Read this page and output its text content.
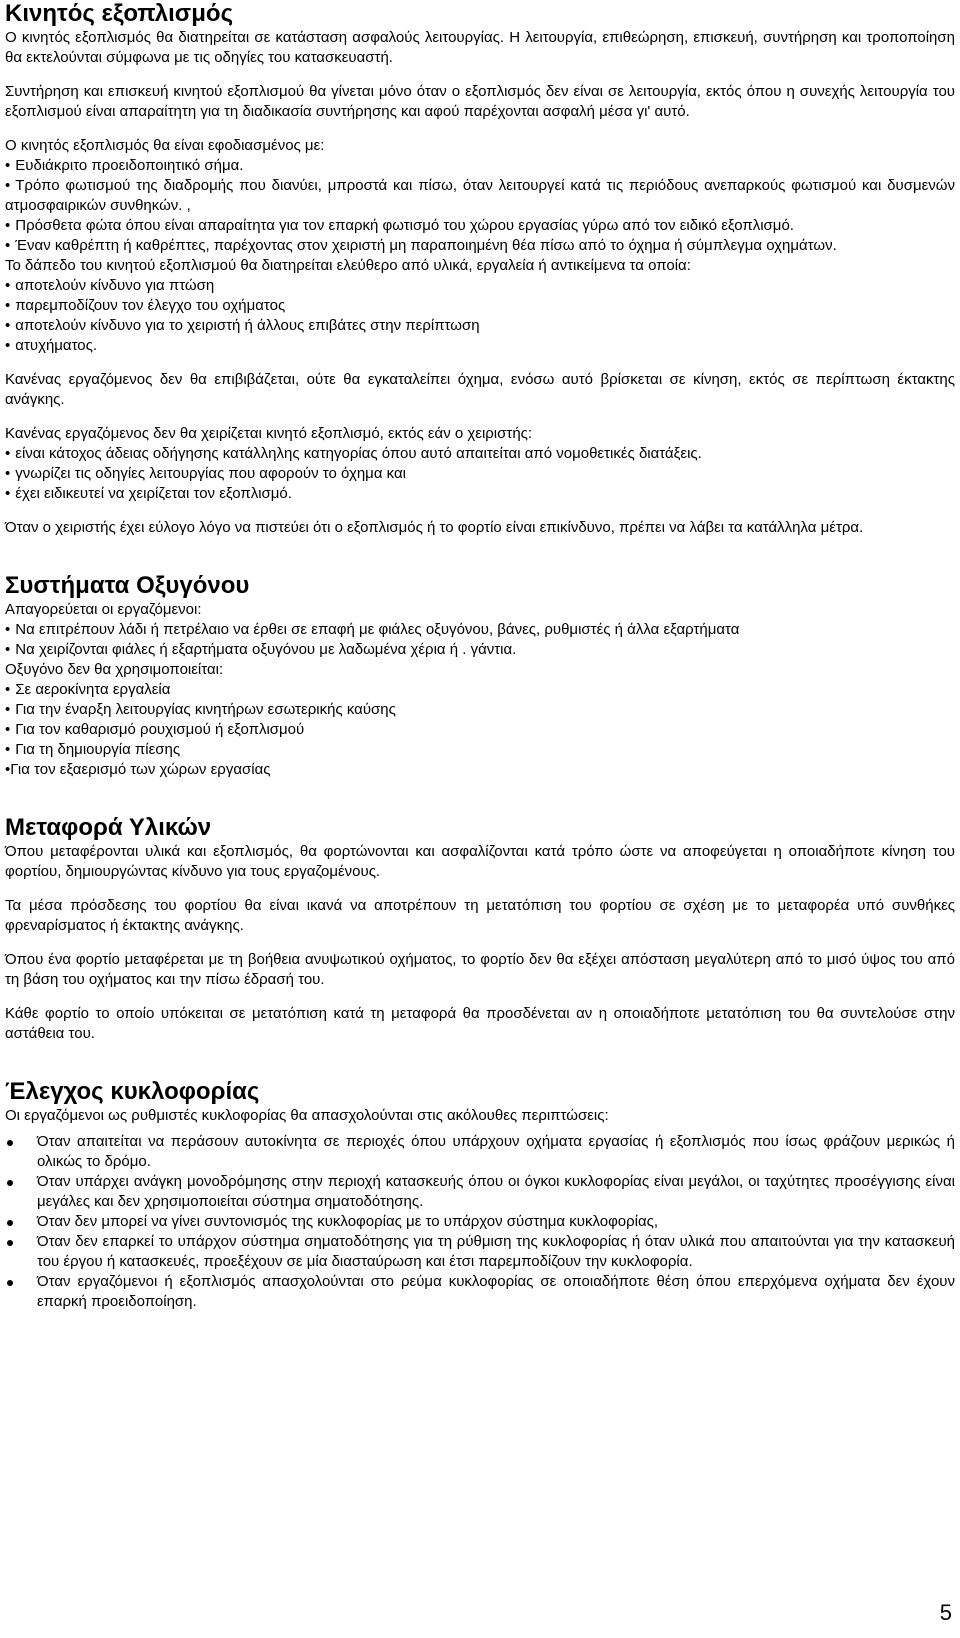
Κινητός εξοπλισμός

Ο κινητός εξοπλισμός θα διατηρείται σε κατάσταση ασφαλούς λειτουργίας. Η λειτουργία, επιθεώρηση, επισκευή, συντήρηση και τροποποίηση θα εκτελούνται σύμφωνα με τις οδηγίες του κατασκευαστή.

Συντήρηση και επισκευή κινητού εξοπλισμού θα γίνεται μόνο όταν ο εξοπλισμός δεν είναι σε λειτουργία, εκτός όπου η συνεχής λειτουργία του εξοπλισμού είναι απαραίτητη για τη διαδικασία συντήρησης και αφού παρέχονται ασφαλή μέσα γι' αυτό.

Ο κινητός εξοπλισμός θα είναι εφοδιασμένος με:

• Ευδιάκριτο προειδοποιητικό σήμα.
• Τρόπο φωτισμού της διαδρομής που διανύει, μπροστά και πίσω, όταν λειτουργεί κατά τις περιόδους ανεπαρκούς φωτισμού και δυσμενών ατμοσφαιρικών συνθηκών. ,
• Πρόσθετα φώτα όπου είναι απαραίτητα για τον επαρκή φωτισμό του χώρου εργασίας γύρω από τον ειδικό εξοπλισμό.
• Έναν καθρέπτη ή καθρέπτες, παρέχοντας στον χειριστή μη παραποιημένη θέα πίσω από το όχημα ή σύμπλεγμα οχημάτων.

Το δάπεδο του κινητού εξοπλισμού θα διατηρείται ελεύθερο από υλικά, εργαλεία ή αντικείμενα τα οποία:

• αποτελούν κίνδυνο για πτώση
• παρεμποδίζουν τον έλεγχο του οχήματος
• αποτελούν κίνδυνο για το χειριστή ή άλλους επιβάτες στην περίπτωση
• ατυχήματος.

Κανένας εργαζόμενος δεν θα επιβιβάζεται, ούτε θα εγκαταλείπει όχημα, ενόσω αυτό βρίσκεται σε κίνηση, εκτός σε περίπτωση έκτακτης ανάγκης.

Κανένας εργαζόμενος δεν θα χειρίζεται κινητό εξοπλισμό, εκτός εάν ο χειριστής:

• είναι κάτοχος άδειας οδήγησης κατάλληλης κατηγορίας όπου αυτό απαιτείται από νομοθετικές διατάξεις.
• γνωρίζει τις οδηγίες λειτουργίας που αφορούν το όχημα και
• έχει ειδικευτεί να χειρίζεται τον εξοπλισμό.

Όταν ο χειριστής έχει εύλογο λόγο να πιστεύει ότι ο εξοπλισμός ή το φορτίο είναι επικίνδυνο, πρέπει να λάβει τα κατάλληλα μέτρα.

Συστήματα Οξυγόνου

Απαγορεύεται οι εργαζόμενοι:

• Να επιτρέπουν λάδι ή πετρέλαιο να έρθει σε επαφή με φιάλες οξυγόνου, βάνες, ρυθμιστές ή άλλα εξαρτήματα
• Να χειρίζονται φιάλες ή εξαρτήματα οξυγόνου με λαδωμένα χέρια ή . γάντια.

Οξυγόνο δεν θα χρησιμοποιείται:

• Σε αεροκίνητα εργαλεία
• Για την έναρξη λειτουργίας κινητήρων εσωτερικής καύσης
• Για τον καθαρισμό ρουχισμού ή εξοπλισμού
• Για τη δημιουργία πίεσης
•Για τον εξαερισμό των χώρων εργασίας
Μεταφορά Υλικών

Όπου μεταφέρονται υλικά και εξοπλισμός, θα φορτώνονται και ασφαλίζονται κατά τρόπο ώστε να αποφεύγεται η οποιαδήποτε κίνηση του φορτίου, δημιουργώντας κίνδυνο για τους εργαζομένους.

Τα μέσα πρόσδεσης του φορτίου θα είναι ικανά να αποτρέπουν τη μετατόπιση του φορτίου σε σχέση με το μεταφορέα υπό συνθήκες φρεναρίσματος ή έκτακτης ανάγκης.

Όπου ένα φορτίο μεταφέρεται με τη βοήθεια ανυψωτικού οχήματος, το φορτίο δεν θα εξέχει απόσταση μεγαλύτερη από το μισό ύψος του από τη βάση του οχήματος και την πίσω έδρασή του.

Κάθε φορτίο το οποίο υπόκειται σε μετατόπιση κατά τη μεταφορά θα προσδένεται αν η οποιαδήποτε μετατόπιση του θα συντελούσε στην αστάθεια του.

Έλεγχος κυκλοφορίας

Οι εργαζόμενοι ως ρυθμιστές κυκλοφορίας θα απασχολούνται στις ακόλουθες περιπτώσεις:

Όταν απαιτείται να περάσουν αυτοκίνητα σε περιοχές όπου υπάρχουν οχήματα εργασίας ή εξοπλισμός που ίσως φράζουν μερικώς ή ολικώς το δρόμο.
Όταν υπάρχει ανάγκη μονοδρόμησης στην περιοχή κατασκευής όπου οι όγκοι κυκλοφορίας είναι μεγάλοι, οι ταχύτητες προσέγγισης είναι μεγάλες και δεν χρησιμοποιείται σύστημα σηματοδότησης.
Όταν δεν μπορεί να γίνει συντονισμός της κυκλοφορίας με το υπάρχον σύστημα κυκλοφορίας,
Όταν δεν επαρκεί το υπάρχον σύστημα σηματοδότησης για τη ρύθμιση της κυκλοφορίας ή όταν υλικά που απαιτούνται για την κατασκευή του έργου ή κατασκευές, προεξέχουν σε μία διασταύρωση και έτσι παρεμποδίζουν την κυκλοφορία.
Όταν εργαζόμενοι ή εξοπλισμός απασχολούνται στο ρεύμα κυκλοφορίας σε οποιαδήποτε θέση όπου επερχόμενα οχήματα δεν έχουν επαρκή προειδοποίηση.
5
